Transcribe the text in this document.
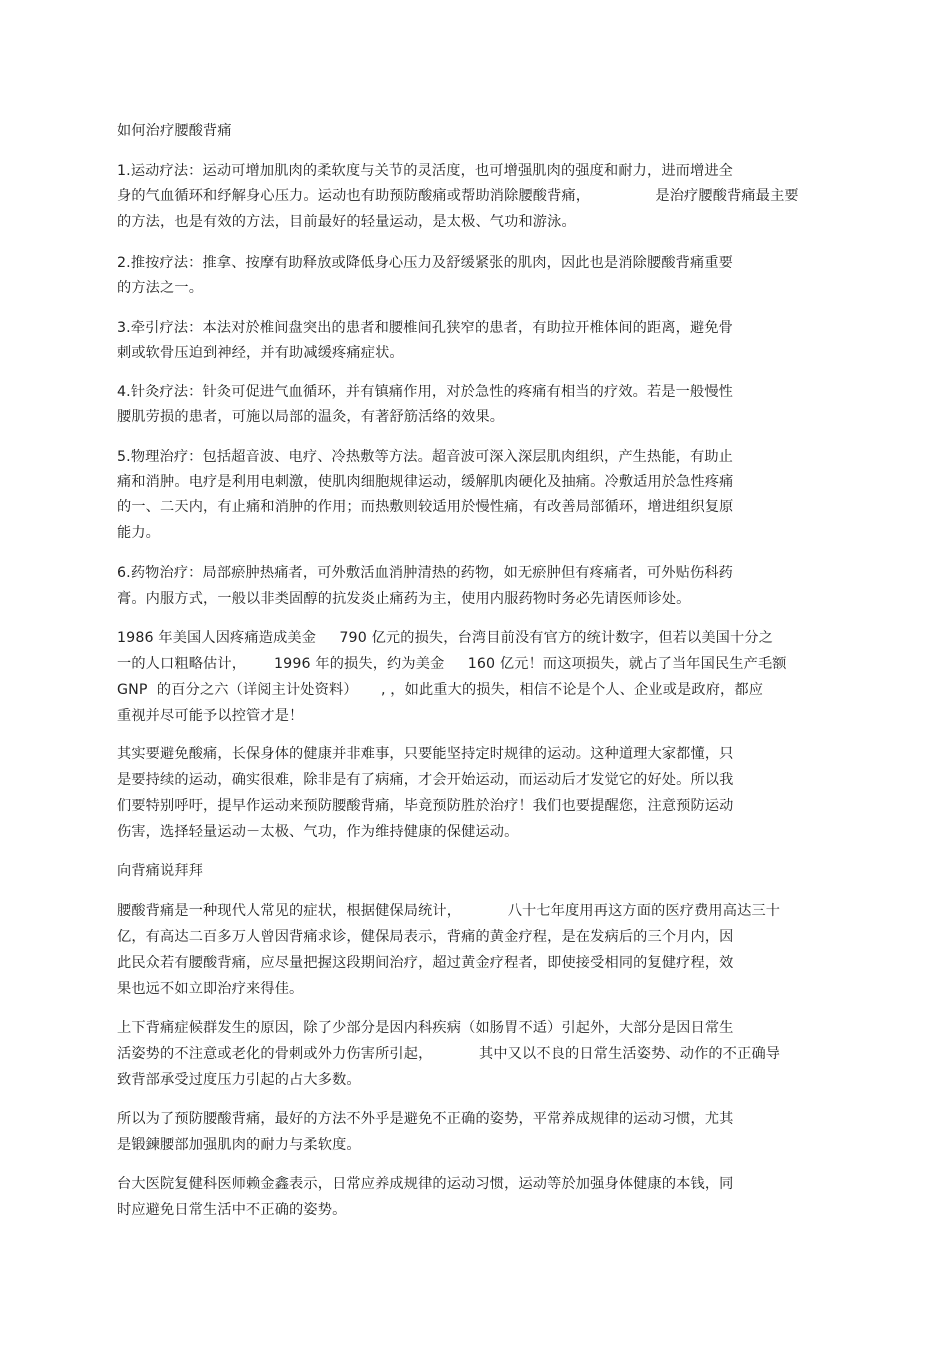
如何治疗腰酸背痛
1.运动疗法：运动可增加肌肉的柔软度与关节的灵活度，也可增强肌肉的强度和耐力，进而增进全
身的气血循环和纾解身心压力。运动也有助预防酸痛或帮助消除腰酸背痛，              是治疗腰酸背痛最主要
的方法，也是有效的方法，目前最好的轻量运动，是太极、气功和游泳。
2.推按疗法：推拿、按摩有助释放或降低身心压力及舒缓紧张的肌肉，因此也是消除腰酸背痛重要
的方法之一。
3.牵引疗法：本法对於椎间盘突出的患者和腰椎间孔狭窄的患者，有助拉开椎体间的距离，避免骨
刺或软骨压迫到神经，并有助减缓疼痛症状。
4.针灸疗法：针灸可促进气血循环，并有镇痛作用，对於急性的疼痛有相当的疗效。若是一般慢性
腰肌劳损的患者，可施以局部的温灸，有著舒筋活络的效果。
5.物理治疗：包括超音波、电疗、冷热敷等方法。超音波可深入深层肌肉组织，产生热能，有助止
痛和消肿。电疗是利用电刺激，使肌肉细胞规律运动，缓解肌肉硬化及抽痛。冷敷适用於急性疼痛
的一、二天内，有止痛和消肿的作用；而热敷则较适用於慢性痛，有改善局部循环，增进组织复原
能力。
6.药物治疗：局部瘀肿热痛者，可外敷活血消肿清热的药物，如无瘀肿但有疼痛者，可外贴伤科药
膏。内服方式，一般以非类固醇的抗发炎止痛药为主，使用内服药物时务必先请医师诊处。
1986 年美国人因疼痛造成美金     790 亿元的损失，台湾目前没有官方的统计数字，但若以美国十分之
一的人口粗略估计，      1996 年的损失，约为美金     160 亿元！而这项损失，就占了当年国民生产毛额
GNP  的百分之六（详阅主计处资料）     , ，如此重大的损失，相信不论是个人、企业或是政府，都应
重视并尽可能予以控管才是！
其实要避免酸痛，长保身体的健康并非难事，只要能坚持定时规律的运动。这种道理大家都懂，只
是要持续的运动，确实很难，除非是有了病痛，才会开始运动，而运动后才发觉它的好处。所以我
们要特别呼吁，提早作运动来预防腰酸背痛，毕竟预防胜於治疗！我们也要提醒您，注意预防运动
伤害，选择轻量运动－太极、气功，作为维持健康的保健运动。
向背痛说拜拜
腰酸背痛是一种现代人常见的症状，根据健保局统计，          八十七年度用再这方面的医疗费用高达三十
亿，有高达二百多万人曾因背痛求诊，健保局表示，背痛的黄金疗程，是在发病后的三个月内，因
此民众若有腰酸背痛，应尽量把握这段期间治疗，超过黄金疗程者，即使接受相同的复健疗程，效
果也远不如立即治疗来得佳。
上下背痛症候群发生的原因，除了少部分是因内科疾病（如肠胃不适）引起外，大部分是因日常生
活姿势的不注意或老化的骨刺或外力伤害所引起，          其中又以不良的日常生活姿势、动作的不正确导
致背部承受过度压力引起的占大多数。
所以为了预防腰酸背痛，最好的方法不外乎是避免不正确的姿势，平常养成规律的运动习惯，尤其
是锻鍊腰部加强肌肉的耐力与柔软度。
台大医院复健科医师赖金鑫表示，日常应养成规律的运动习惯，运动等於加强身体健康的本钱，同
时应避免日常生活中不正确的姿势。
